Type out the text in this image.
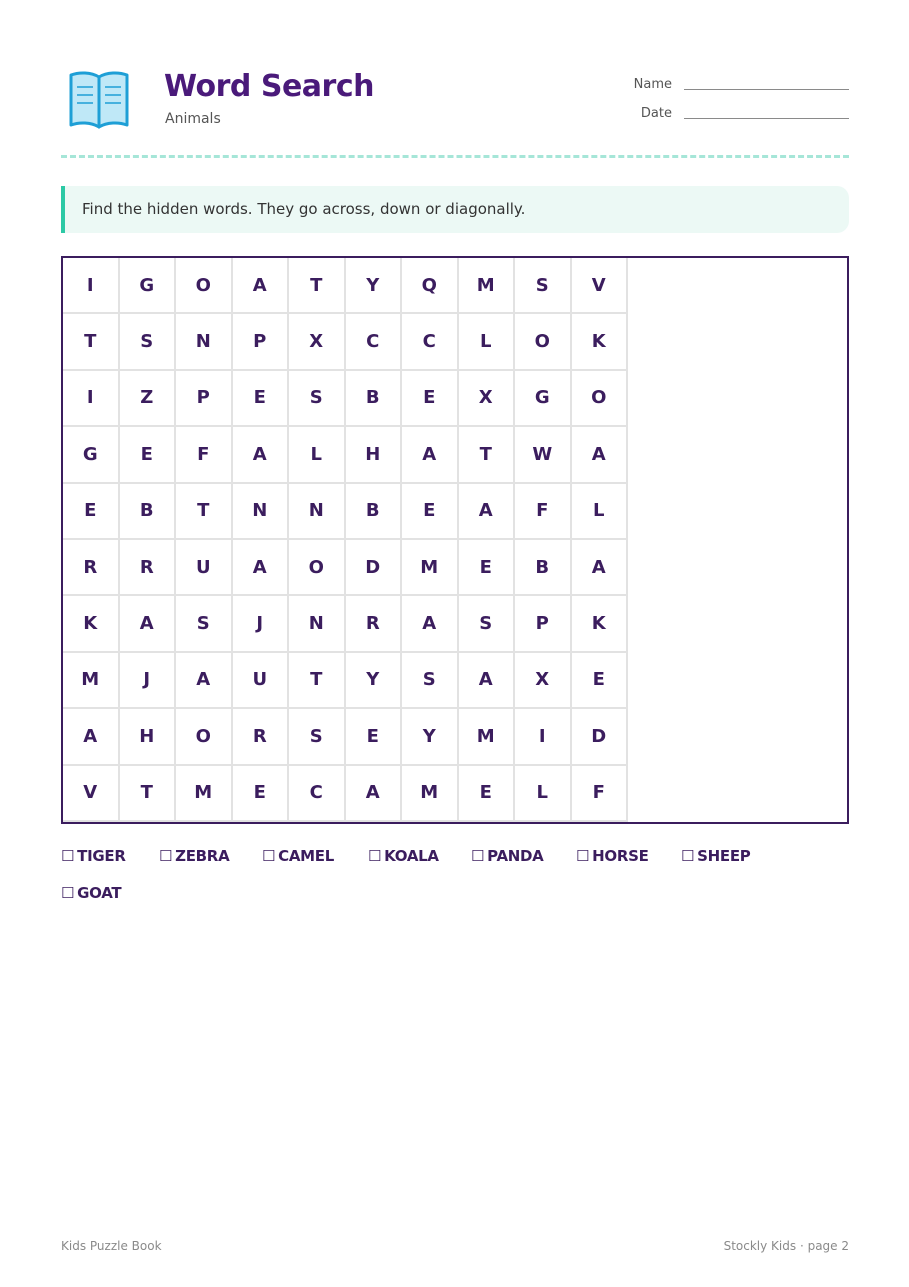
Word Search
Animals
Name
Date
Find the hidden words. They go across, down or diagonally.
I	G	O	A	T	Y	Q	M	S	V
T	S	N	P	X	C	C	L	O	K
I	Z	P	E	S	B	E	X	G	O
G	E	F	A	L	H	A	T	W	A
E	B	T	N	N	B	E	A	F	L
R	R	U	A	O	D	M	E	B	A
K	A	S	J	N	R	A	S	P	K
M	J	A	U	T	Y	S	A	X	E
A	H	O	R	S	E	Y	M	I	D
V	T	M	E	C	A	M	E	L	F
☐ TIGER ☐ ZEBRA ☐ CAMEL ☐ KOALA ☐ PANDA ☐ HORSE ☐ SHEEP
☐ GOAT
Kids Puzzle Book	Stockly Kids · page 2
